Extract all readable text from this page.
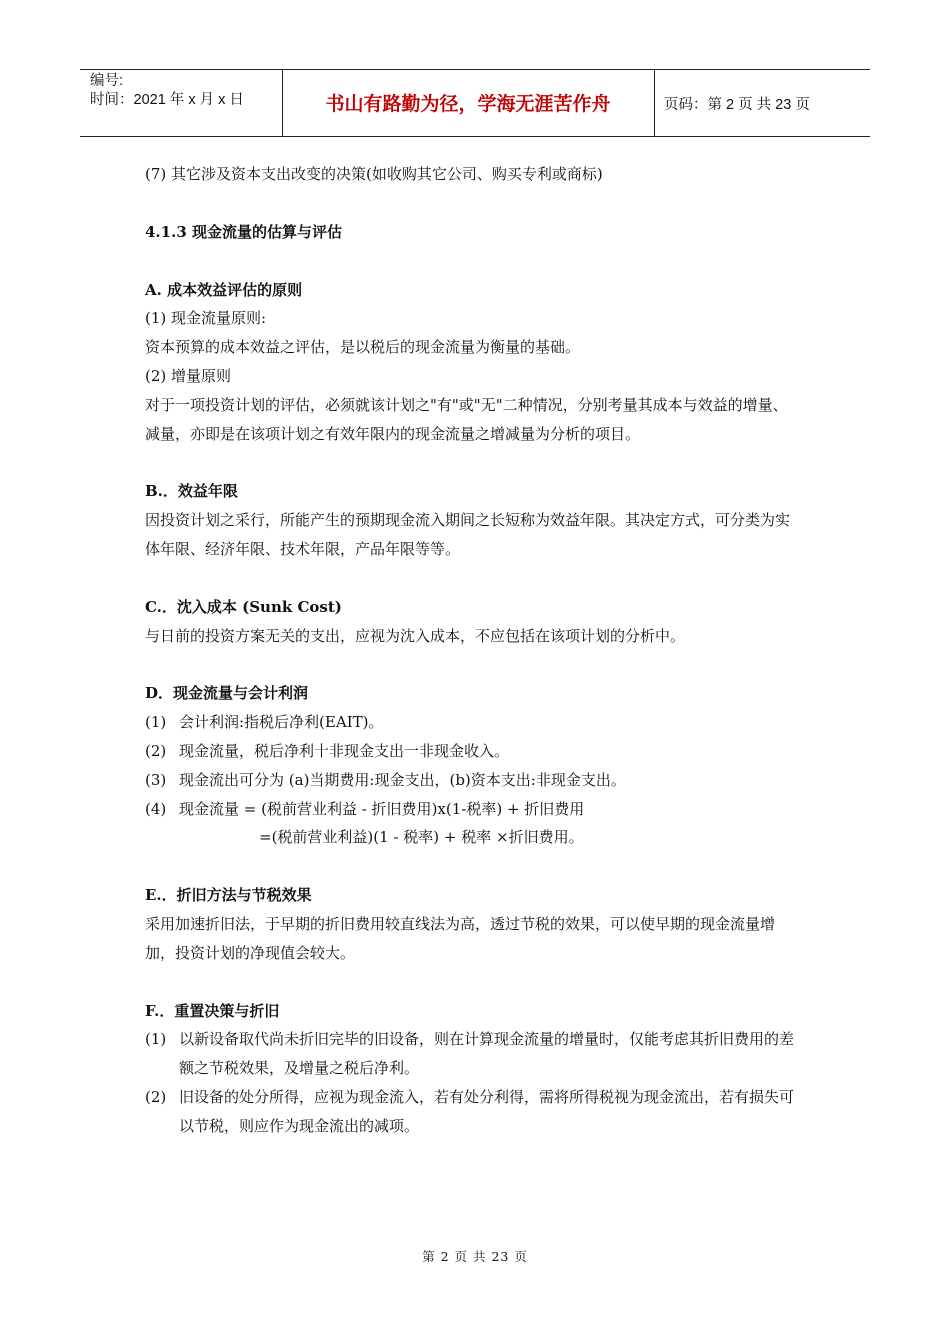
编号:
时间：2021 年 x 月 x 日	书山有路勤为径，学海无涯苦作舟	页码：第 2 页 共 23 页

(7) 其它涉及资本支出改变的决策(如收购其它公司、购买专利或商标)

4.1.3 现金流量的估算与评估

A. 成本效益评估的原则

(1) 现金流量原则:

资本预算的成本效益之评估，是以税后的现金流量为衡量的基础。

(2) 增量原则

对于一项投资计划的评估，必须就该计划之"有"或"无"二种情况，分别考量其成本与效益的增量、减量，亦即是在该项计划之有效年限内的现金流量之增减量为分析的项目。

B.．效益年限

因投资计划之采行，所能产生的预期现金流入期间之长短称为效益年限。其决定方式，可分类为实体年限、经济年限、技术年限，产品年限等等。

C.．沈入成本 (Sunk Cost)

与日前的投资方案无关的支出，应视为沈入成本，不应包括在该项计划的分析中。

D．现金流量与会计利润

(1) 会计利润:指税后净利(EAIT)。
(2) 现金流量，税后净利十非现金支出一非现金收入。
(3) 现金流出可分为 (a)当期费用:现金支出，(b)资本支出:非现金支出。
(4) 现金流量 = (税前营业利益 - 折旧费用)x(1-税率) + 折旧费用

=(税前营业利益)(1 - 税率) + 税率 ×折旧费用。

E.．折旧方法与节税效果

采用加速折旧法，于早期的折旧费用较直线法为高，透过节税的效果，可以使早期的现金流量增加，投资计划的净现值会较大。

F.．重置决策与折旧

(1) 以新设备取代尚未折旧完毕的旧设备，则在计算现金流量的增量时，仅能考虑其折旧费用的差额之节税效果，及增量之税后净利。
(2) 旧设备的处分所得，应视为现金流入，若有处分利得，需将所得税视为现金流出，若有损失可以节税，则应作为现金流出的减项。
第 2 页 共 23 页
